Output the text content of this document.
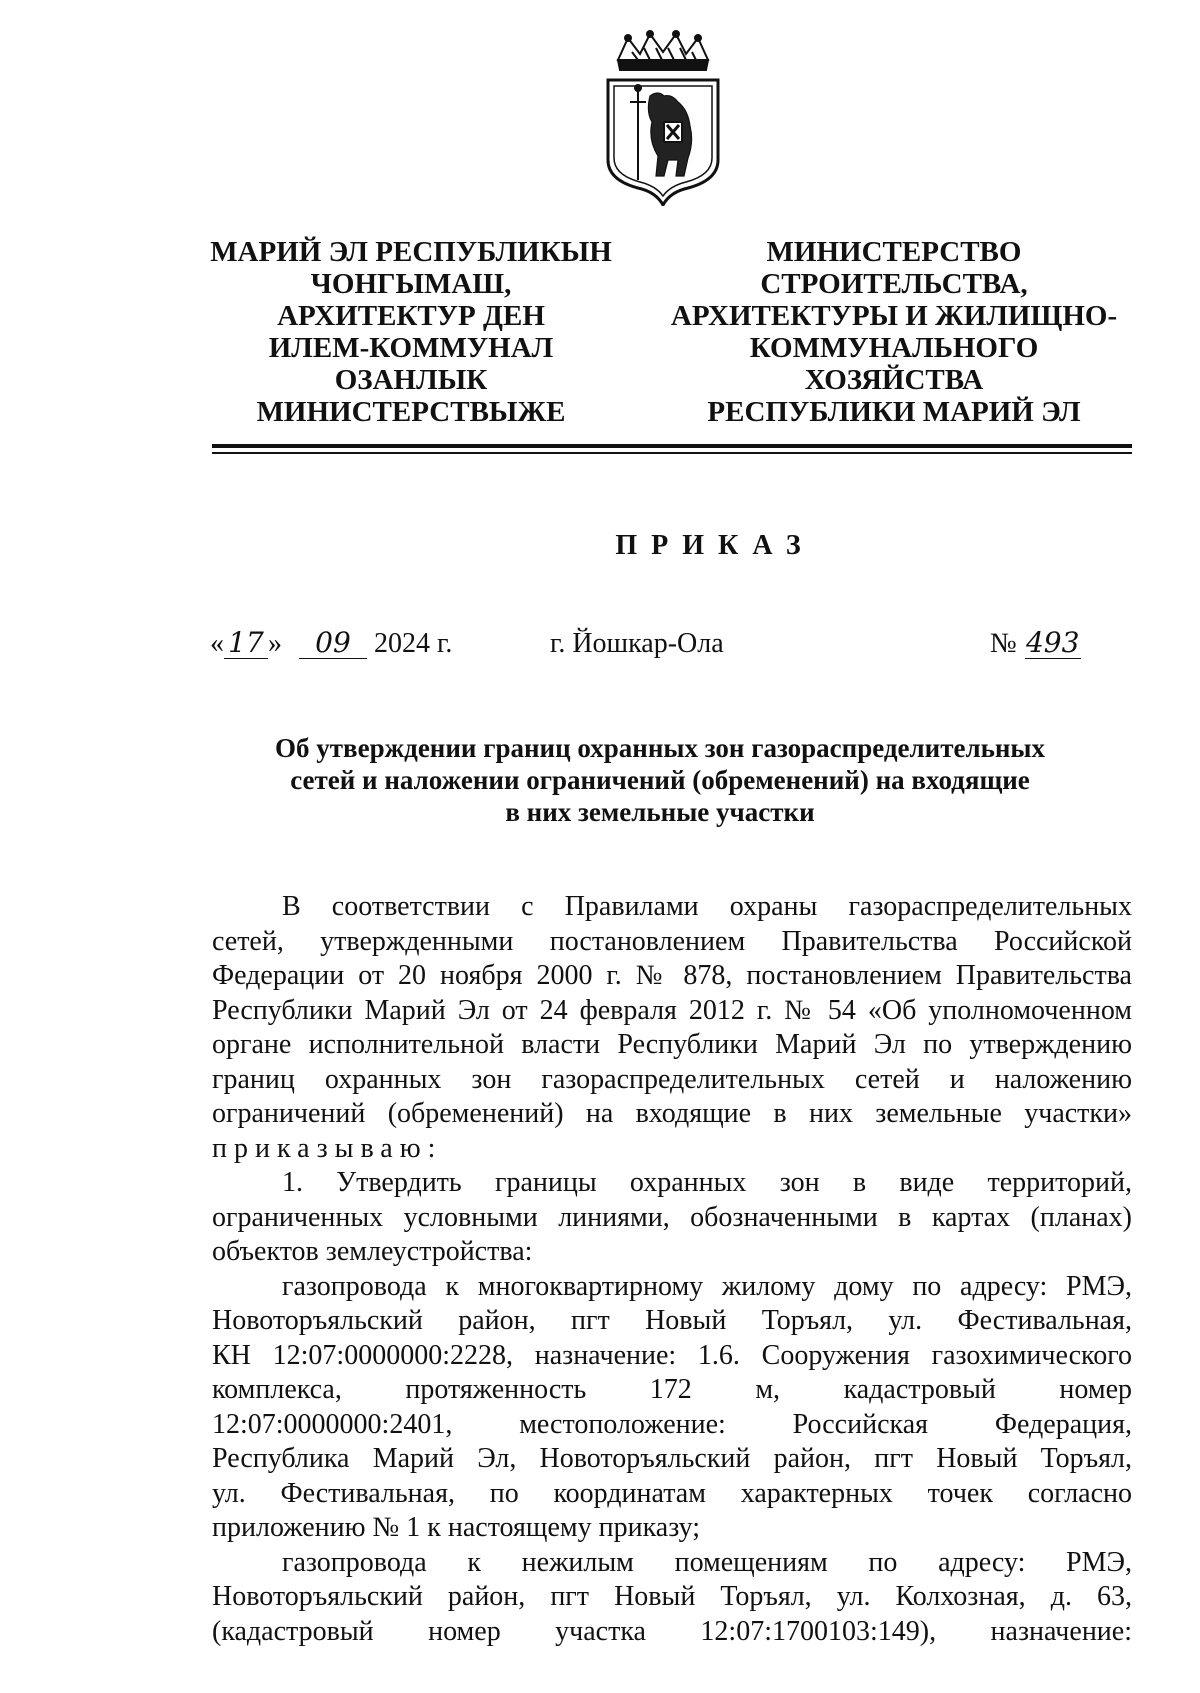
МАРИЙ ЭЛ РЕСПУБЛИКЫН
ЧОНГЫМАШ,
АРХИТЕКТУР ДЕН
ИЛЕМ-КОММУНАЛ
ОЗАНЛЫК
МИНИСТЕРСТВЫЖЕ
МИНИСТЕРСТВО
СТРОИТЕЛЬСТВА,
АРХИТЕКТУРЫ И ЖИЛИЩНО-
КОММУНАЛЬНОГО
ХОЗЯЙСТВА
РЕСПУБЛИКИ МАРИЙ ЭЛ
ПРИКАЗ
« 17 » 09 2024 г.	г. Йошкар-Ола	№ 493
Об утверждении границ охранных зон газораспределительных
сетей и наложении ограничений (обременений) на входящие
в них земельные участки
В соответствии с Правилами охраны газораспределительных
сетей, утвержденными постановлением Правительства Российской
Федерации от 20 ноября 2000 г. № 878, постановлением Правительства
Республики Марий Эл от 24 февраля 2012 г. № 54 «Об уполномоченном
органе исполнительной власти Республики Марий Эл по утверждению
границ охранных зон газораспределительных сетей и наложению
ограничений (обременений) на входящие в них земельные участки»
приказываю:
1. Утвердить границы охранных зон в виде территорий,
ограниченных условными линиями, обозначенными в картах (планах)
объектов землеустройства:
газопровода к многоквартирному жилому дому по адресу: РМЭ,
Новоторъяльский район, пгт Новый Торъял, ул. Фестивальная,
КН 12:07:0000000:2228, назначение: 1.6. Сооружения газохимического
комплекса, протяженность 172 м, кадастровый номер
12:07:0000000:2401, местоположение: Российская Федерация,
Республика Марий Эл, Новоторъяльский район, пгт Новый Торъял,
ул. Фестивальная, по координатам характерных точек согласно
приложению № 1 к настоящему приказу;
газопровода к нежилым помещениям по адресу: РМЭ,
Новоторъяльский район, пгт Новый Торъял, ул. Колхозная, д. 63,
(кадастровый номер участка 12:07:1700103:149), назначение:
